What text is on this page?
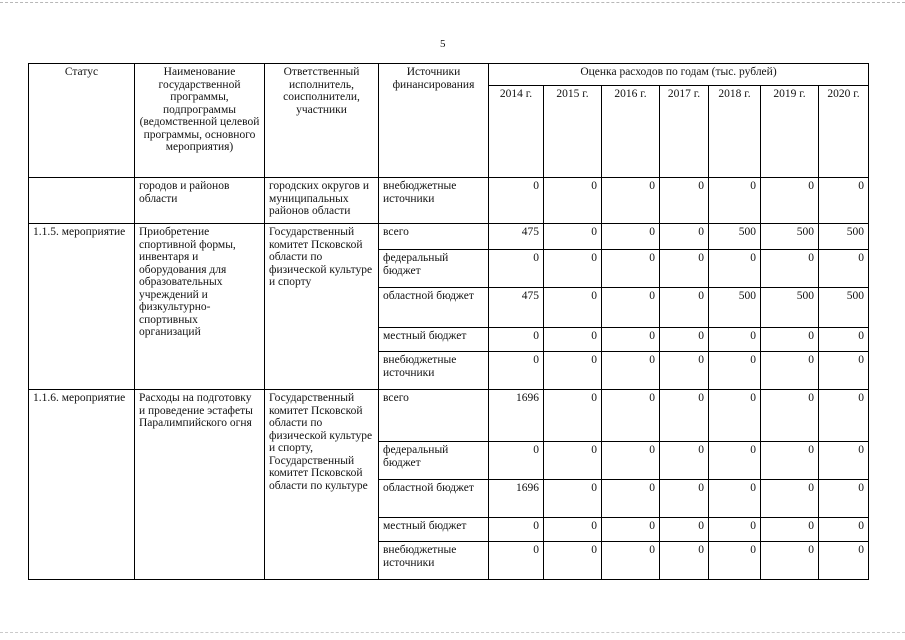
5
Статус	Наименование государственной программы, подпрограммы (ведомственной целевой программы, основного мероприятия)	Ответственный исполнитель, соисполнители, участники	Источники финансирования	Оценка расходов по годам (тыс. рублей)						
				2014 г.	2015 г.	2016 г.	2017 г.	2018 г.	2019 г.	2020 г.
	городов и районов области	городских округов и муниципальных районов области	внебюджетные источники	0	0	0	0	0	0	0
1.1.5. мероприятие	Приобретение спортивной формы, инвентаря и оборудования для образовательных учреждений и физкультурно-спортивных организаций	Государственный комитет Псковской области по физической культуре и спорту	всего	475	0	0	0	500	500	500
			федеральный бюджет	0	0	0	0	0	0	0
			областной бюджет	475	0	0	0	500	500	500
			местный бюджет	0	0	0	0	0	0	0
			внебюджетные источники	0	0	0	0	0	0	0
1.1.6. мероприятие	Расходы на подготовку и проведение эстафеты Паралимпийского огня	Государственный комитет Псковской области по физической культуре и спорту, Государственный комитет Псковской области по культуре	всего	1696	0	0	0	0	0	0
			федеральный бюджет	0	0	0	0	0	0	0
			областной бюджет	1696	0	0	0	0	0	0
			местный бюджет	0	0	0	0	0	0	0
			внебюджетные источники	0	0	0	0	0	0	0
